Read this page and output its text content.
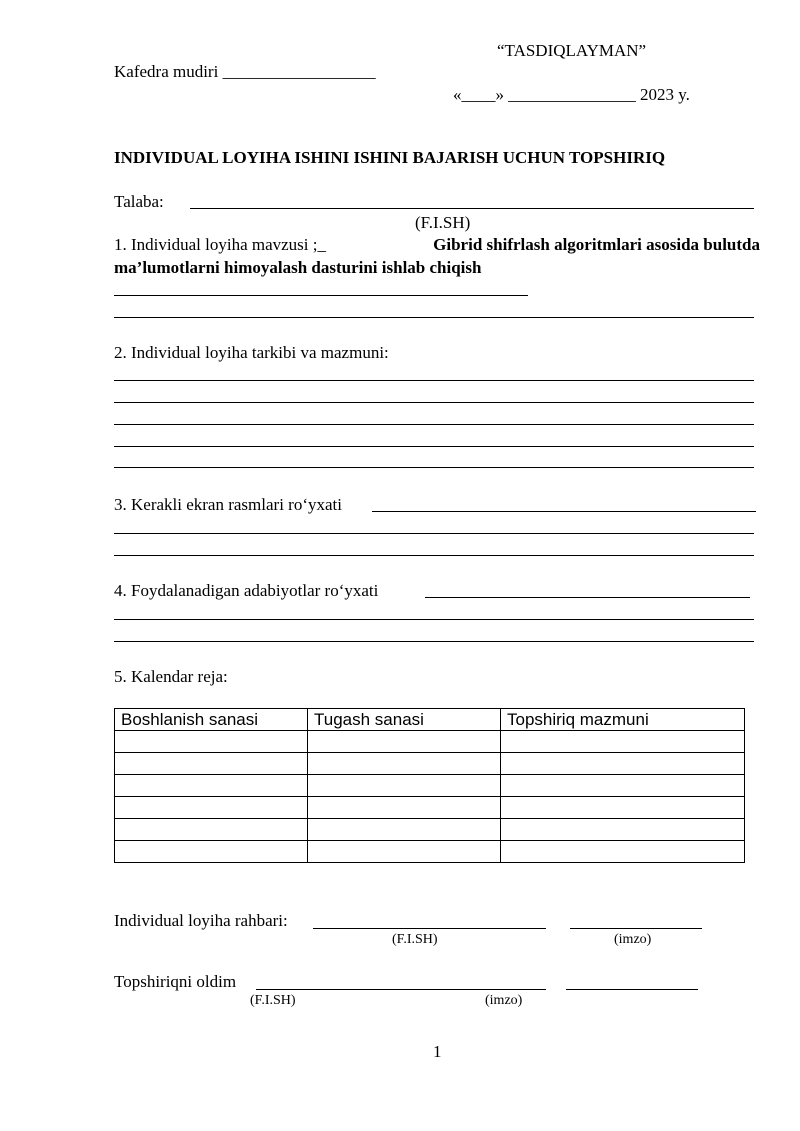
“TASDIQLAYMAN”
Kafedra mudiri __________________
«____» _______________ 2023 y.
INDIVIDUAL LOYIHA ISHINI ISHINI BAJARISH UCHUN TOPSHIRIQ
Talaba:
(F.I.SH)
1. Individual loyiha mavzusi ;_	Gibrid shifrlash algoritmlari asosida bulutda
ma’lumotlarni himoyalash dasturini ishlab chiqish
2. Individual loyiha tarkibi va mazmuni:
3. Kerakli ekran rasmlari ro‘yxati
4. Foydalanadigan adabiyotlar ro‘yxati
5. Kalendar reja:
Boshlanish sanasi	Tugash sanasi	Topshiriq mazmuni

Individual loyiha rahbari:
(F.I.SH)	(imzo)
Topshiriqni oldim
(F.I.SH)	(imzo)
1
